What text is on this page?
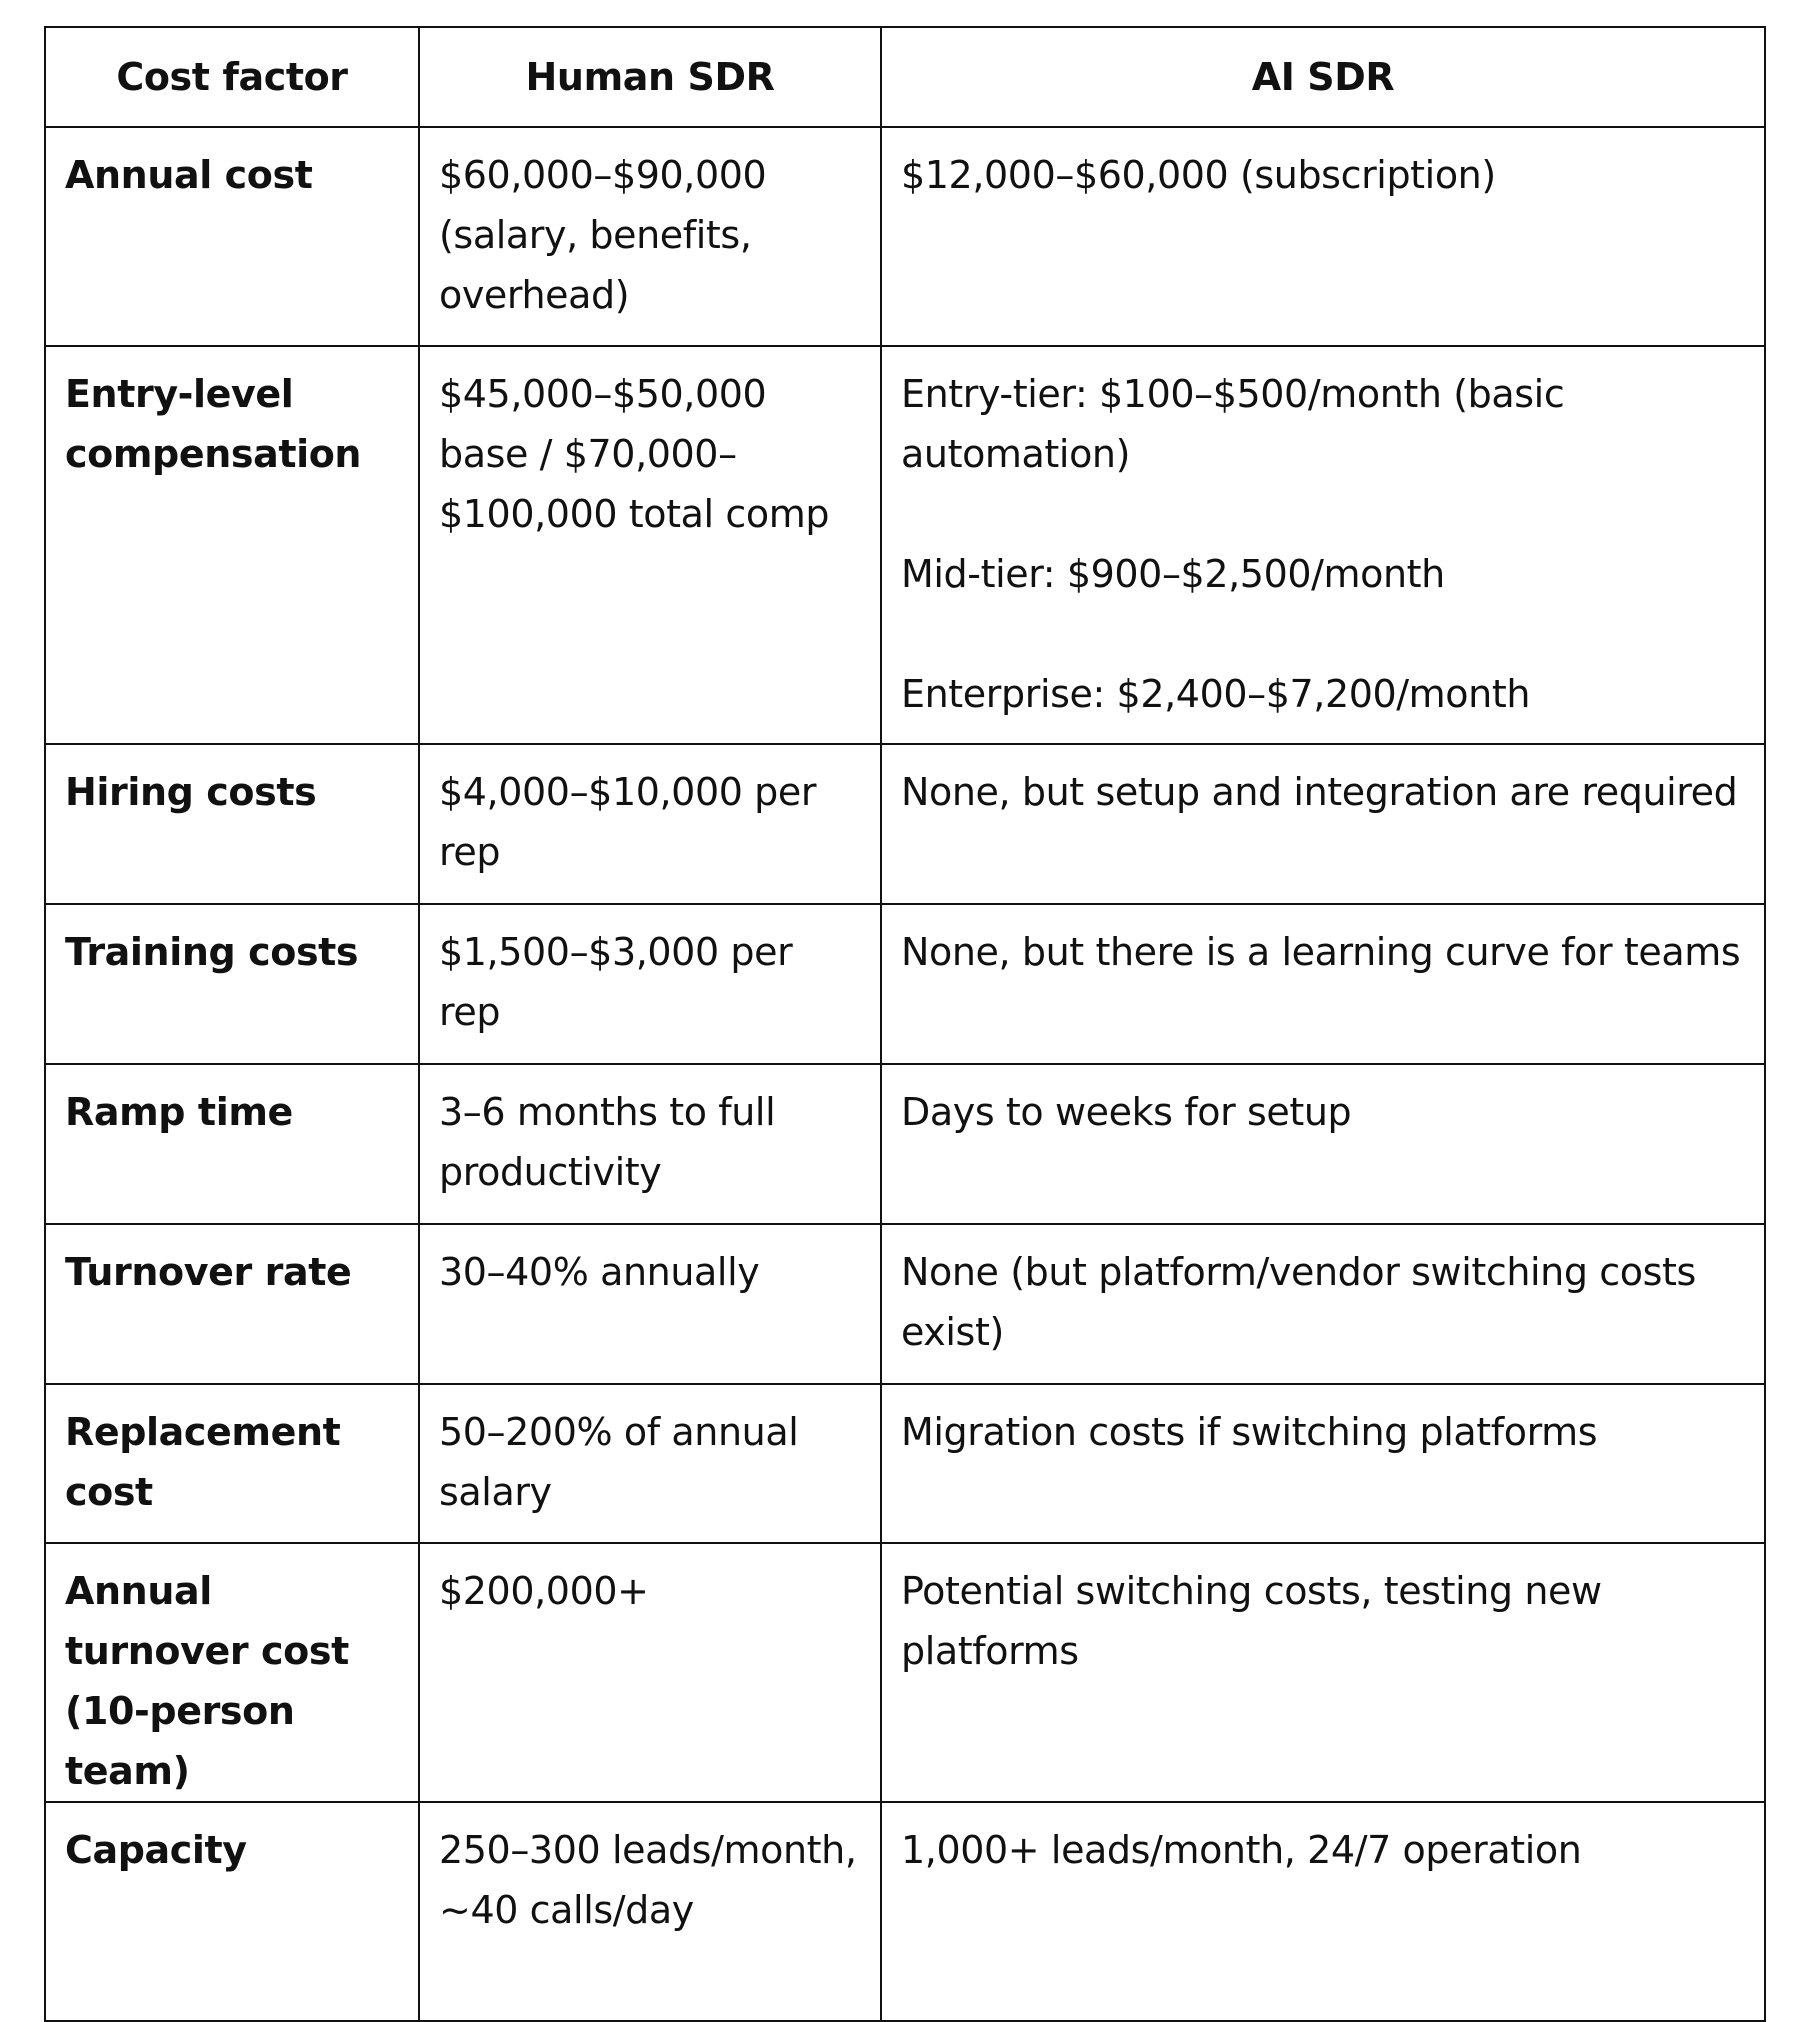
Cost factor	Human SDR	AI SDR
Annual cost	$60,000–$90,000 (salary, benefits, overhead)	$12,000–$60,000 (subscription)

Entry-level compensation	$45,000–$50,000 base / $70,000–$100,000 total comp	Entry-tier: $100–$500/month (basic automation)
Mid-tier: $900–$2,500/month
Enterprise: $2,400–$7,200/month

Hiring costs	$4,000–$10,000 per rep	None, but setup and integration are required

Training costs	$1,500–$3,000 per rep	None, but there is a learning curve for teams

Ramp time	3–6 months to full productivity	Days to weeks for setup

Turnover rate	30–40% annually	None (but platform/vendor switching costs exist)

Replacement cost	50–200% of annual salary	Migration costs if switching platforms

Annual turnover cost (10-person team)	$200,000+	Potential switching costs, testing new platforms

Capacity	250–300 leads/month, ~40 calls/day	1,000+ leads/month, 24/7 operation
